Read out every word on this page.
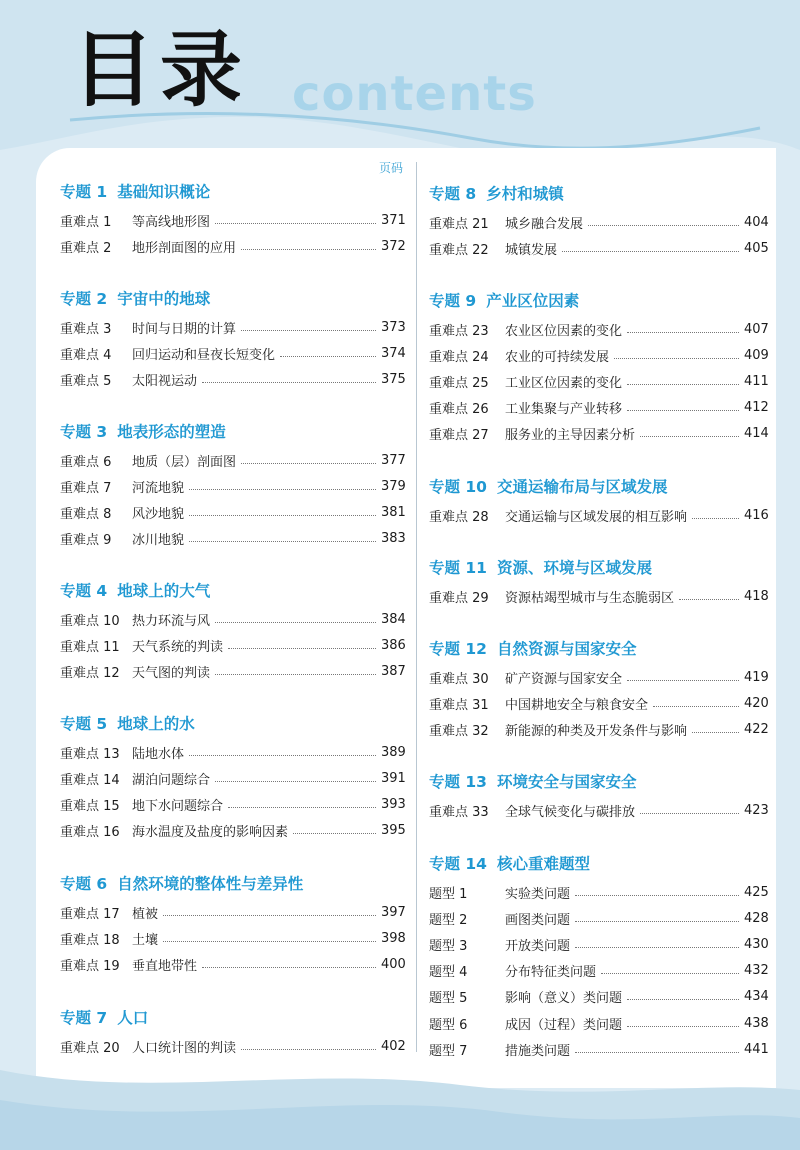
目录 contents
页码
专题 1 基础知识概论
重难点 1	等高线地形图	371
重难点 2	地形剖面图的应用	372
专题 2 宇宙中的地球
重难点 3	时间与日期的计算	373
重难点 4	回归运动和昼夜长短变化	374
重难点 5	太阳视运动	375
专题 3 地表形态的塑造
重难点 6	地质（层）剖面图	377
重难点 7	河流地貌	379
重难点 8	风沙地貌	381
重难点 9	冰川地貌	383
专题 4 地球上的大气
重难点 10 热力环流与风	384
重难点 11 天气系统的判读	386
重难点 12 天气图的判读	387
专题 5 地球上的水
重难点 13 陆地水体	389
重难点 14 湖泊问题综合	391
重难点 15 地下水问题综合	393
重难点 16 海水温度及盐度的影响因素	395
专题 6 自然环境的整体性与差异性
重难点 17 植被	397
重难点 18 土壤	398
重难点 19 垂直地带性	400
专题 7 人口
重难点 20 人口统计图的判读	402
专题 8 乡村和城镇
重难点 21	城乡融合发展	404
重难点 22	城镇发展	405
专题 9 产业区位因素
重难点 23	农业区位因素的变化	407
重难点 24	农业的可持续发展	409
重难点 25	工业区位因素的变化	411
重难点 26	工业集聚与产业转移	412
重难点 27	服务业的主导因素分析	414
专题 10 交通运输布局与区域发展
重难点 28	交通运输与区域发展的相互影响	416
专题 11 资源、环境与区域发展
重难点 29	资源枯竭型城市与生态脆弱区	418
专题 12 自然资源与国家安全
重难点 30	矿产资源与国家安全	419
重难点 31	中国耕地安全与粮食安全	420
重难点 32	新能源的种类及开发条件与影响	422
专题 13 环境安全与国家安全
重难点 33	全球气候变化与碳排放	423
专题 14 核心重难题型
题型 1	实验类问题	425
题型 2	画图类问题	428
题型 3	开放类问题	430
题型 4	分布特征类问题	432
题型 5	影响（意义）类问题	434
题型 6	成因（过程）类问题	438
题型 7	措施类问题	441
